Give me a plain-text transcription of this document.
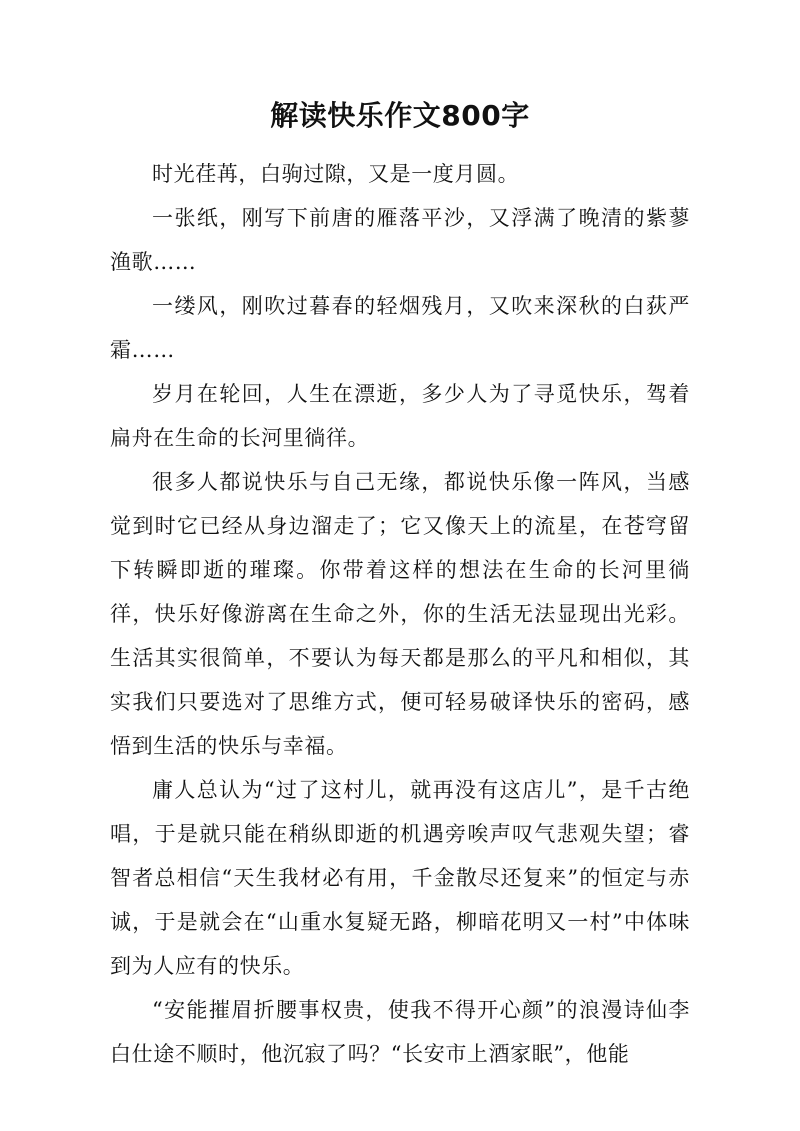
解读快乐作文800字

时光荏苒，白驹过隙，又是一度月圆。

一张纸，刚写下前唐的雁落平沙，又浮满了晚清的紫蓼渔歌……

一缕风，刚吹过暮春的轻烟残月，又吹来深秋的白荻严霜……

岁月在轮回，人生在漂逝，多少人为了寻觅快乐，驾着扁舟在生命的长河里徜徉。

很多人都说快乐与自己无缘，都说快乐像一阵风，当感觉到时它已经从身边溜走了；它又像天上的流星，在苍穹留下转瞬即逝的璀璨。你带着这样的想法在生命的长河里徜徉，快乐好像游离在生命之外，你的生活无法显现出光彩。生活其实很简单，不要认为每天都是那么的平凡和相似，其实我们只要选对了思维方式，便可轻易破译快乐的密码，感悟到生活的快乐与幸福。

庸人总认为“过了这村儿，就再没有这店儿”，是千古绝唱，于是就只能在稍纵即逝的机遇旁唉声叹气悲观失望；睿智者总相信“天生我材必有用，千金散尽还复来”的恒定与赤诚，于是就会在“山重水复疑无路，柳暗花明又一村”中体味到为人应有的快乐。

“安能摧眉折腰事权贵，使我不得开心颜”的浪漫诗仙李白仕途不顺时，他沉寂了吗？“长安市上酒家眠”，他能
